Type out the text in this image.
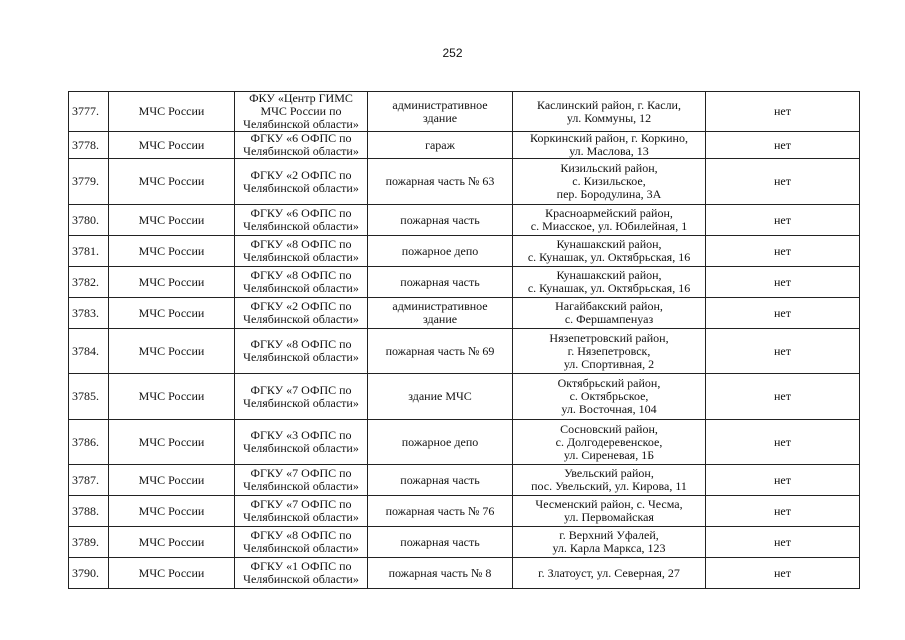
252
3777.	МЧС России	ФКУ «Центр ГИМС
МЧС России по
Челябинской области»	административное
здание	Каслинский район, г. Касли,
ул. Коммуны, 12	нет
3778.	МЧС России	ФГКУ «6 ОФПС по
Челябинской области»	гараж	Коркинский район, г. Коркино,
ул. Маслова, 13	нет
3779.	МЧС России	ФГКУ «2 ОФПС по
Челябинской области»	пожарная часть № 63	Кизильский район,
с. Кизильское,
пер. Бородулина, 3А	нет
3780.	МЧС России	ФГКУ «6 ОФПС по
Челябинской области»	пожарная часть	Красноармейский район,
с. Миасское, ул. Юбилейная, 1	нет
3781.	МЧС России	ФГКУ «8 ОФПС по
Челябинской области»	пожарное депо	Кунашакский район,
с. Кунашак, ул. Октябрьская, 16	нет
3782.	МЧС России	ФГКУ «8 ОФПС по
Челябинской области»	пожарная часть	Кунашакский район,
с. Кунашак, ул. Октябрьская, 16	нет
3783.	МЧС России	ФГКУ «2 ОФПС по
Челябинской области»	административное
здание	Нагайбакский район,
с. Фершампенуаз	нет
3784.	МЧС России	ФГКУ «8 ОФПС по
Челябинской области»	пожарная часть № 69	Нязепетровский район,
г. Нязепетровск,
ул. Спортивная, 2	нет
3785.	МЧС России	ФГКУ «7 ОФПС по
Челябинской области»	здание МЧС	Октябрьский район,
с. Октябрьское,
ул. Восточная, 104	нет
3786.	МЧС России	ФГКУ «3 ОФПС по
Челябинской области»	пожарное депо	Сосновский район,
с. Долгодеревенское,
ул. Сиреневая, 1Б	нет
3787.	МЧС России	ФГКУ «7 ОФПС по
Челябинской области»	пожарная часть	Увельский район,
пос. Увельский, ул. Кирова, 11	нет
3788.	МЧС России	ФГКУ «7 ОФПС по
Челябинской области»	пожарная часть № 76	Чесменский район, с. Чесма,
ул. Первомайская	нет
3789.	МЧС России	ФГКУ «8 ОФПС по
Челябинской области»	пожарная часть	г. Верхний Уфалей,
ул. Карла Маркса, 123	нет
3790.	МЧС России	ФГКУ «1 ОФПС по
Челябинской области»	пожарная часть № 8	г. Златоуст, ул. Северная, 27	нет
